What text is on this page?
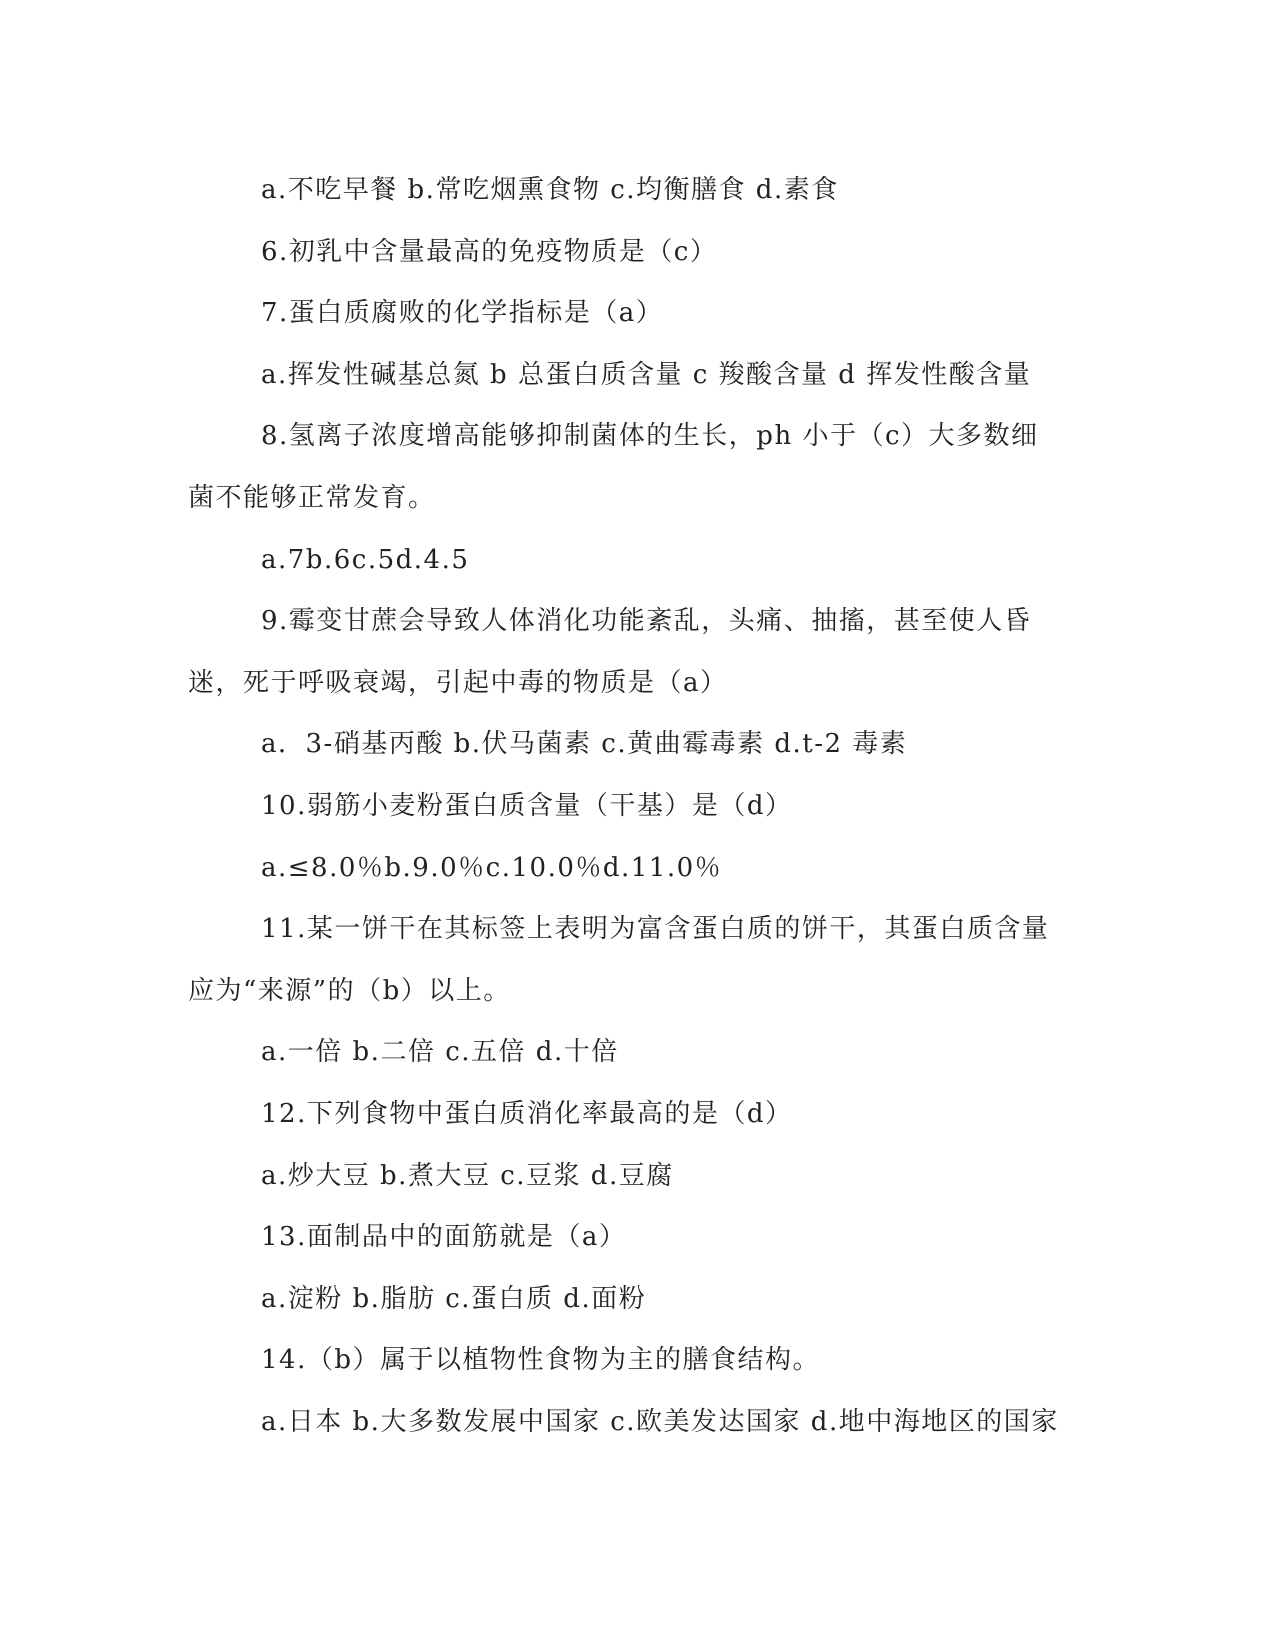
a.不吃早餐 b.常吃烟熏食物 c.均衡膳食 d.素食

6.初乳中含量最高的免疫物质是（c）

7.蛋白质腐败的化学指标是（a）

a.挥发性碱基总氮 b 总蛋白质含量 c 羧酸含量 d 挥发性酸含量

8.氢离子浓度增高能够抑制菌体的生长，ph 小于（c）大多数细

菌不能够正常发育。

a.7b.6c.5d.4.5

9.霉变甘蔗会导致人体消化功能紊乱，头痛、抽搐，甚至使人昏

迷，死于呼吸衰竭，引起中毒的物质是（a）

a．3-硝基丙酸 b.伏马菌素 c.黄曲霉毒素 d.t-2 毒素

10.弱筋小麦粉蛋白质含量（干基）是（d）

a.≤8.0％b.9.0％c.10.0％d.11.0％

11.某一饼干在其标签上表明为富含蛋白质的饼干，其蛋白质含量

应为“来源”的（b）以上。

a.一倍 b.二倍 c.五倍 d.十倍

12.下列食物中蛋白质消化率最高的是（d）

a.炒大豆 b.煮大豆 c.豆浆 d.豆腐

13.面制品中的面筋就是（a）

a.淀粉 b.脂肪 c.蛋白质 d.面粉

14.（b）属于以植物性食物为主的膳食结构。

a.日本 b.大多数发展中国家 c.欧美发达国家 d.地中海地区的国家
